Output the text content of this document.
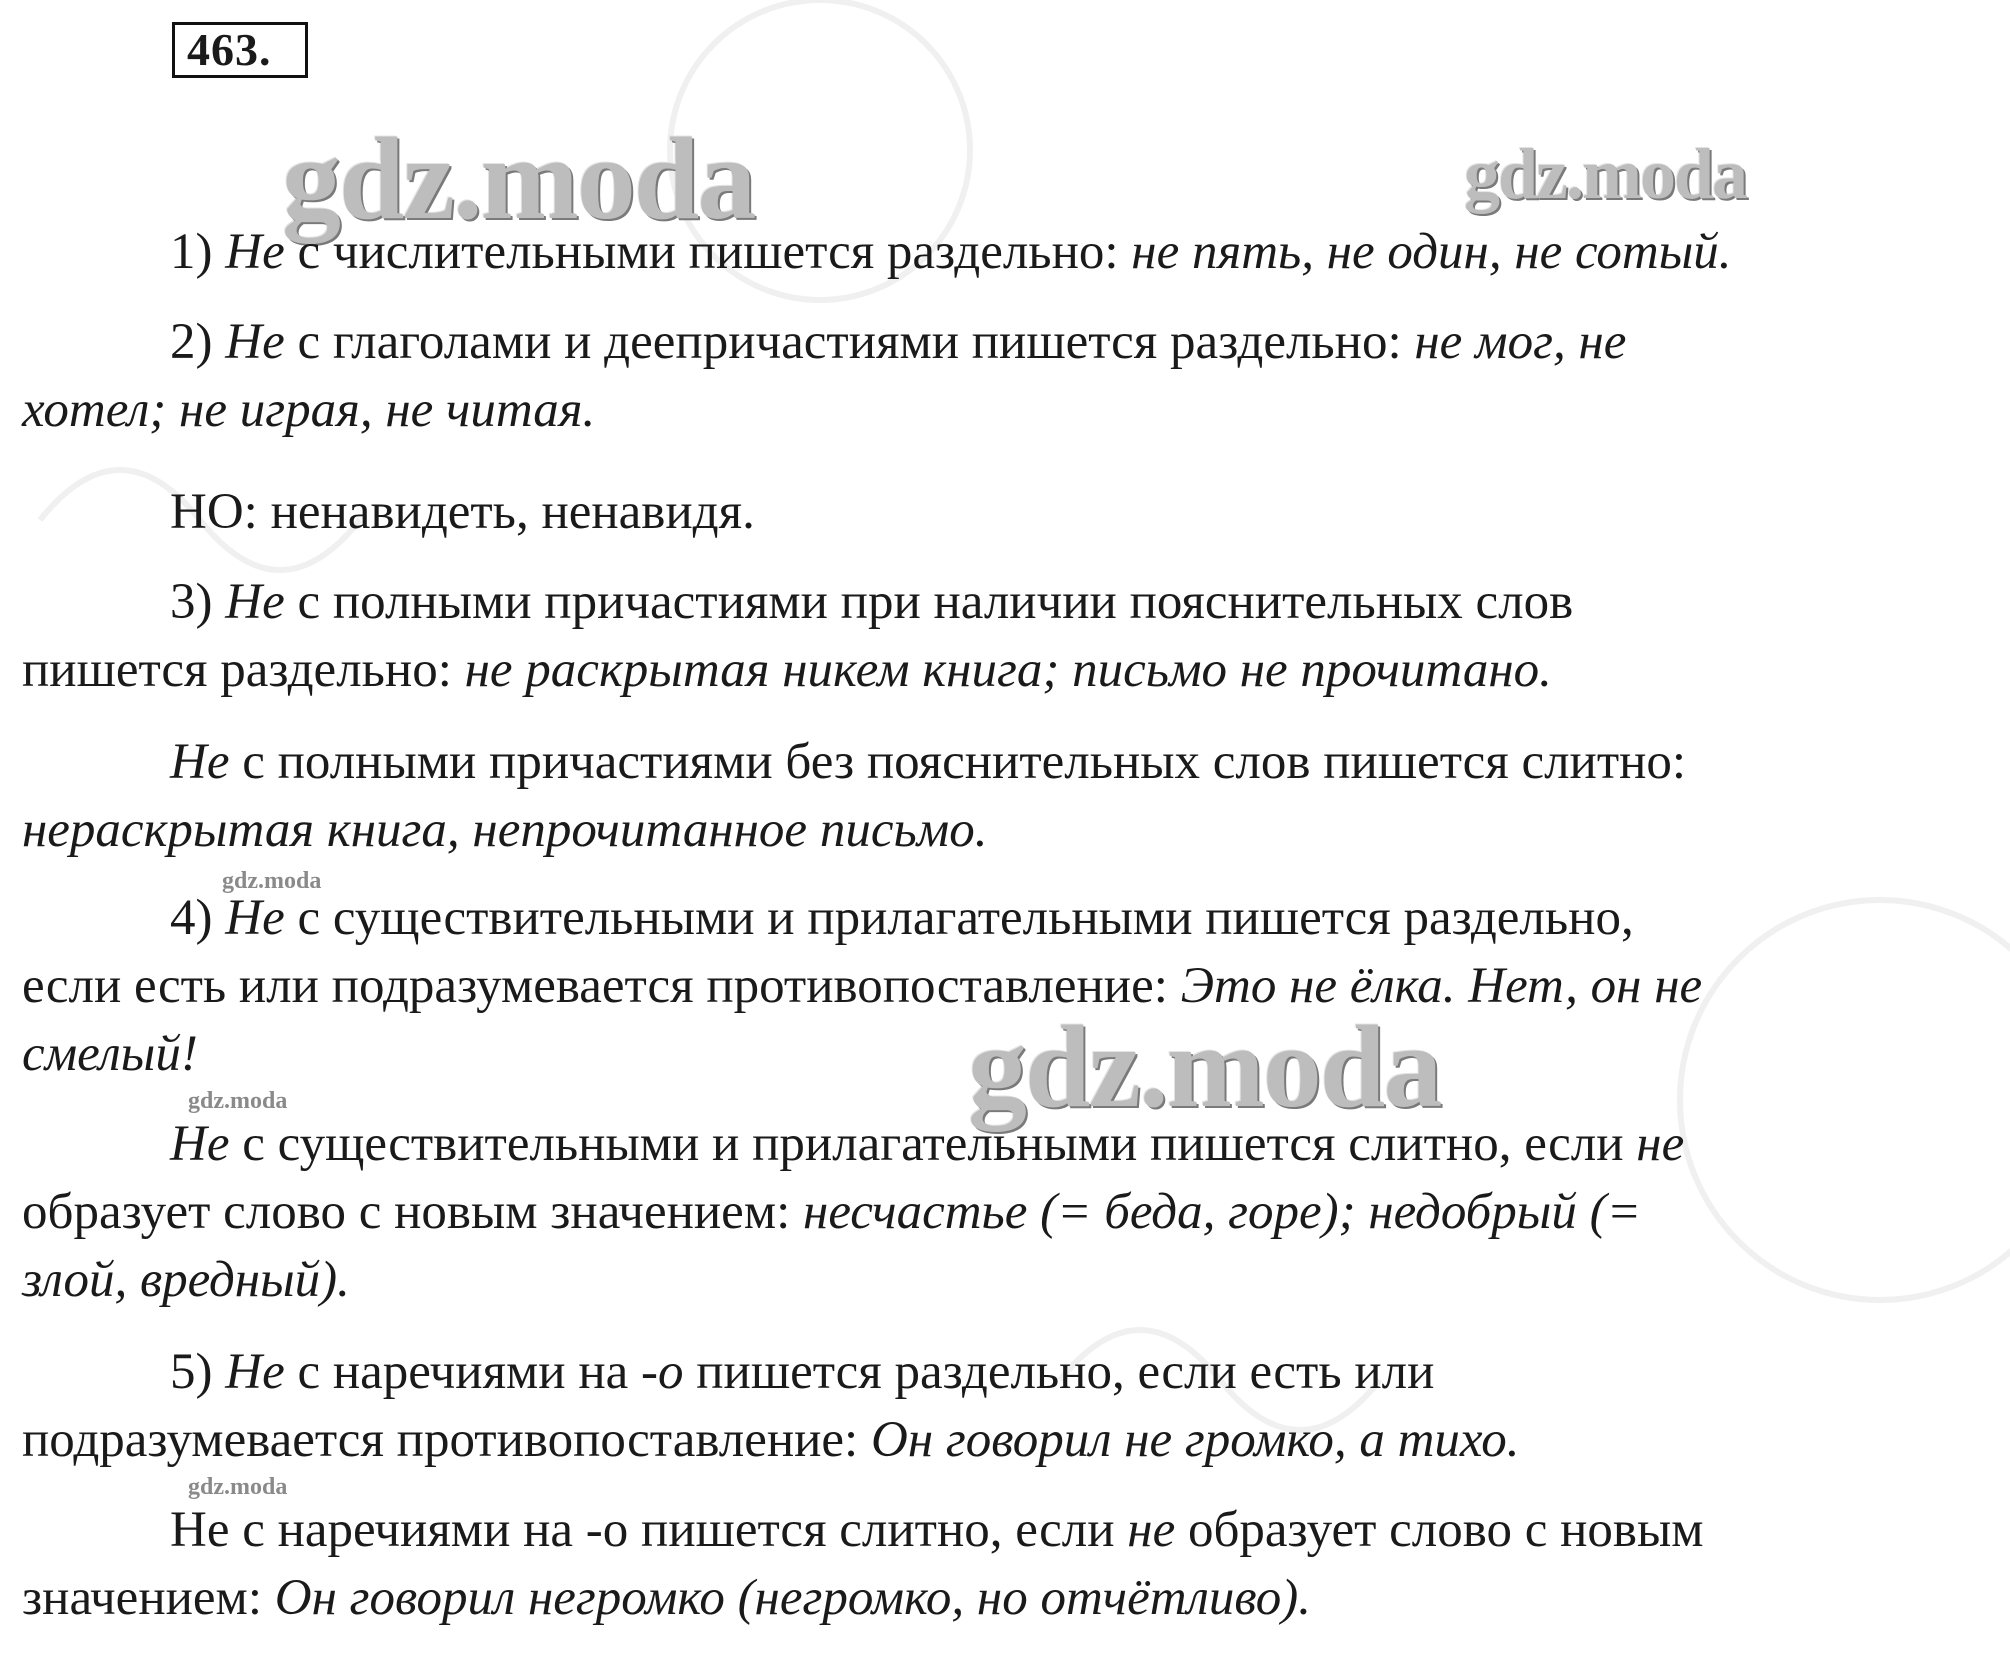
463.
gdz.moda	gdz.moda
1) Не с числительными пишется раздельно: не пять, не один, не сотый.
2) Не с глаголами и деепричастиями пишется раздельно: не мог, не
хотел; не играя, не читая.
НО: ненавидеть, ненавидя.
3) Не с полными причастиями при наличии пояснительных слов
пишется раздельно: не раскрытая никем книга; письмо не прочитано.
Не с полными причастиями без пояснительных слов пишется слитно:
нераскрытая книга, непрочитанное письмо.
gdz.moda
4) Не с существительными и прилагательными пишется раздельно,
если есть или подразумевается противопоставление: Это не ёлка. Нет, он не
смелый!	gdz.moda
gdz.moda
Не с существительными и прилагательными пишется слитно, если не
образует слово с новым значением: несчастье (= беда, горе); недобрый (=
злой, вредный).
5) Не с наречиями на -о пишется раздельно, если есть или
подразумевается противопоставление: Он говорил не громко, а тихо.
gdz.moda
Не с наречиями на -о пишется слитно, если не образует слово с новым
значением: Он говорил негромко (негромко, но отчётливо).
